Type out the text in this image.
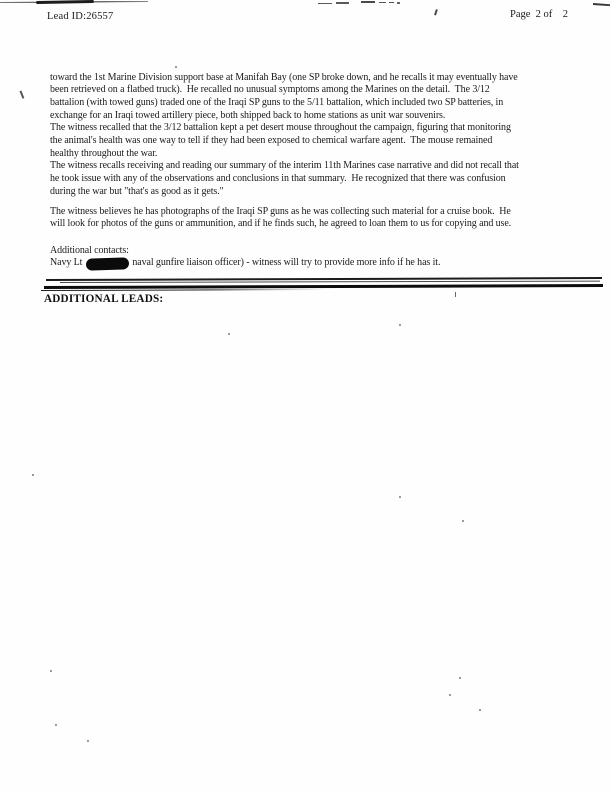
Lead ID:26557	Page  2 of    2
toward the 1st Marine Division support base at Manifah Bay (one SP broke down, and he recalls it may eventually have
been retrieved on a flatbed truck).  He recalled no unusual symptoms among the Marines on the detail.  The 3/12
battalion (with towed guns) traded one of the Iraqi SP guns to the 5/11 battalion, which included two SP batteries, in
exchange for an Iraqi towed artillery piece, both shipped back to home stations as unit war souvenirs.
The witness recalled that the 3/12 battalion kept a pet desert mouse throughout the campaign, figuring that monitoring
the animal's health was one way to tell if they had been exposed to chemical warfare agent.  The mouse remained
healthy throughout the war.
The witness recalls receiving and reading our summary of the interim 11th Marines case narrative and did not recall that
he took issue with any of the observations and conclusions in that summary.  He recognized that there was confusion
during the war but "that's as good as it gets."
The witness believes he has photographs of the Iraqi SP guns as he was collecting such material for a cruise book.  He
will look for photos of the guns or ammunition, and if he finds such, he agreed to loan them to us for copying and use.
Additional contacts:
Navy Lt	naval gunfire liaison officer) - witness will try to provide more info if he has it.
ADDITIONAL LEADS:
